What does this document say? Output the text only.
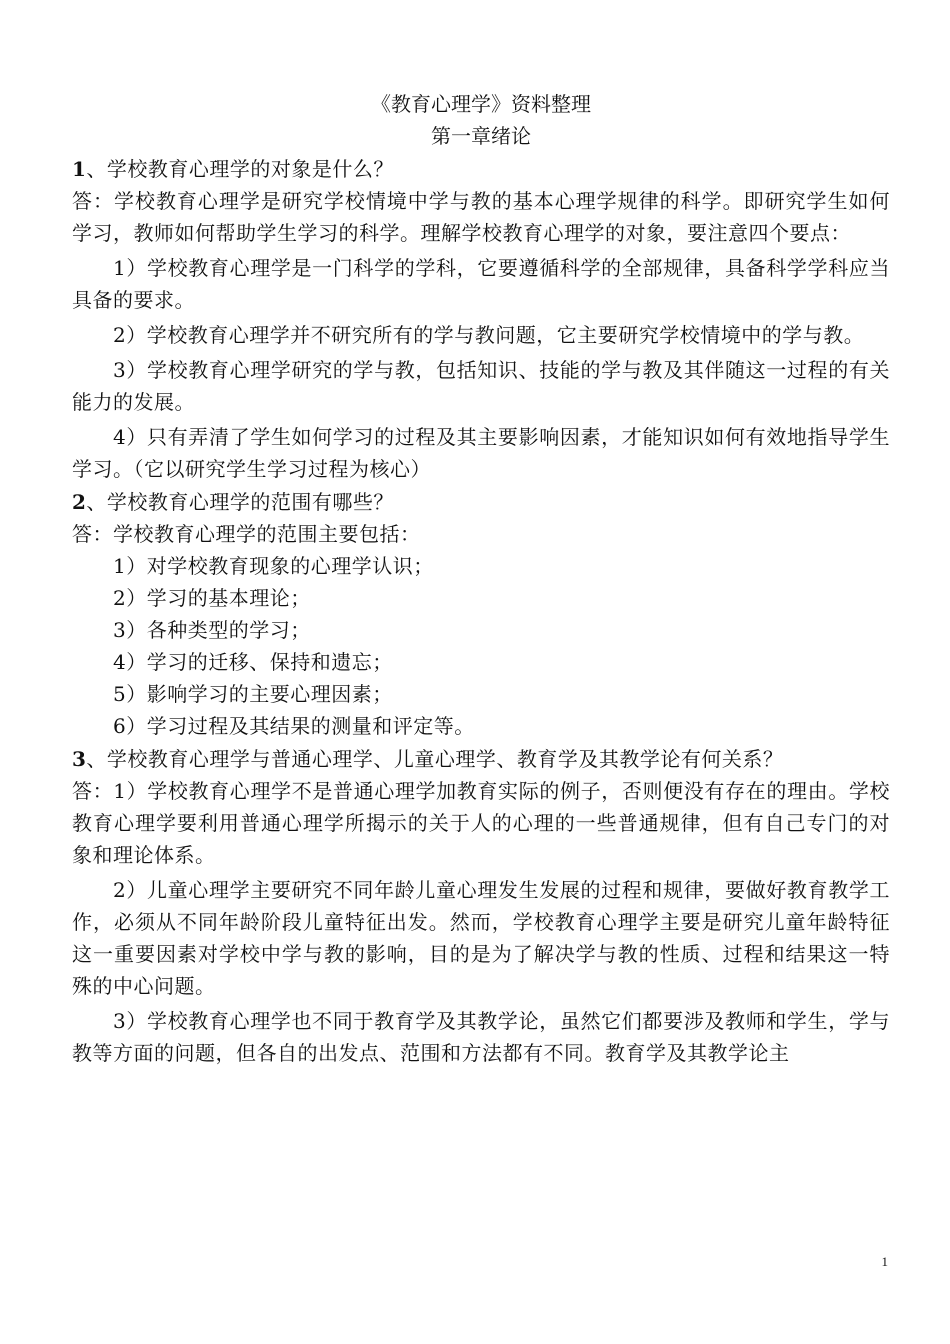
《教育心理学》资料整理
第一章绪论
1、学校教育心理学的对象是什么？
答：学校教育心理学是研究学校情境中学与教的基本心理学规律的科学。即研究学生如何学习，教师如何帮助学生学习的科学。理解学校教育心理学的对象，要注意四个要点：
1）学校教育心理学是一门科学的学科，它要遵循科学的全部规律，具备科学学科应当具备的要求。
2）学校教育心理学并不研究所有的学与教问题，它主要研究学校情境中的学与教。
3）学校教育心理学研究的学与教，包括知识、技能的学与教及其伴随这一过程的有关能力的发展。
4）只有弄清了学生如何学习的过程及其主要影响因素，才能知识如何有效地指导学生学习。（它以研究学生学习过程为核心）
2、学校教育心理学的范围有哪些？
答：学校教育心理学的范围主要包括：
1）对学校教育现象的心理学认识；
2）学习的基本理论；
3）各种类型的学习；
4）学习的迁移、保持和遗忘；
5）影响学习的主要心理因素；
6）学习过程及其结果的测量和评定等。
3、学校教育心理学与普通心理学、儿童心理学、教育学及其教学论有何关系？
答：1）学校教育心理学不是普通心理学加教育实际的例子，否则便没有存在的理由。学校教育心理学要利用普通心理学所揭示的关于人的心理的一些普通规律，但有自己专门的对象和理论体系。
2）儿童心理学主要研究不同年龄儿童心理发生发展的过程和规律，要做好教育教学工作，必须从不同年龄阶段儿童特征出发。然而，学校教育心理学主要是研究儿童年龄特征这一重要因素对学校中学与教的影响，目的是为了解决学与教的性质、过程和结果这一特殊的中心问题。
3）学校教育心理学也不同于教育学及其教学论，虽然它们都要涉及教师和学生，学与教等方面的问题，但各自的出发点、范围和方法都有不同。教育学及其教学论主
1
